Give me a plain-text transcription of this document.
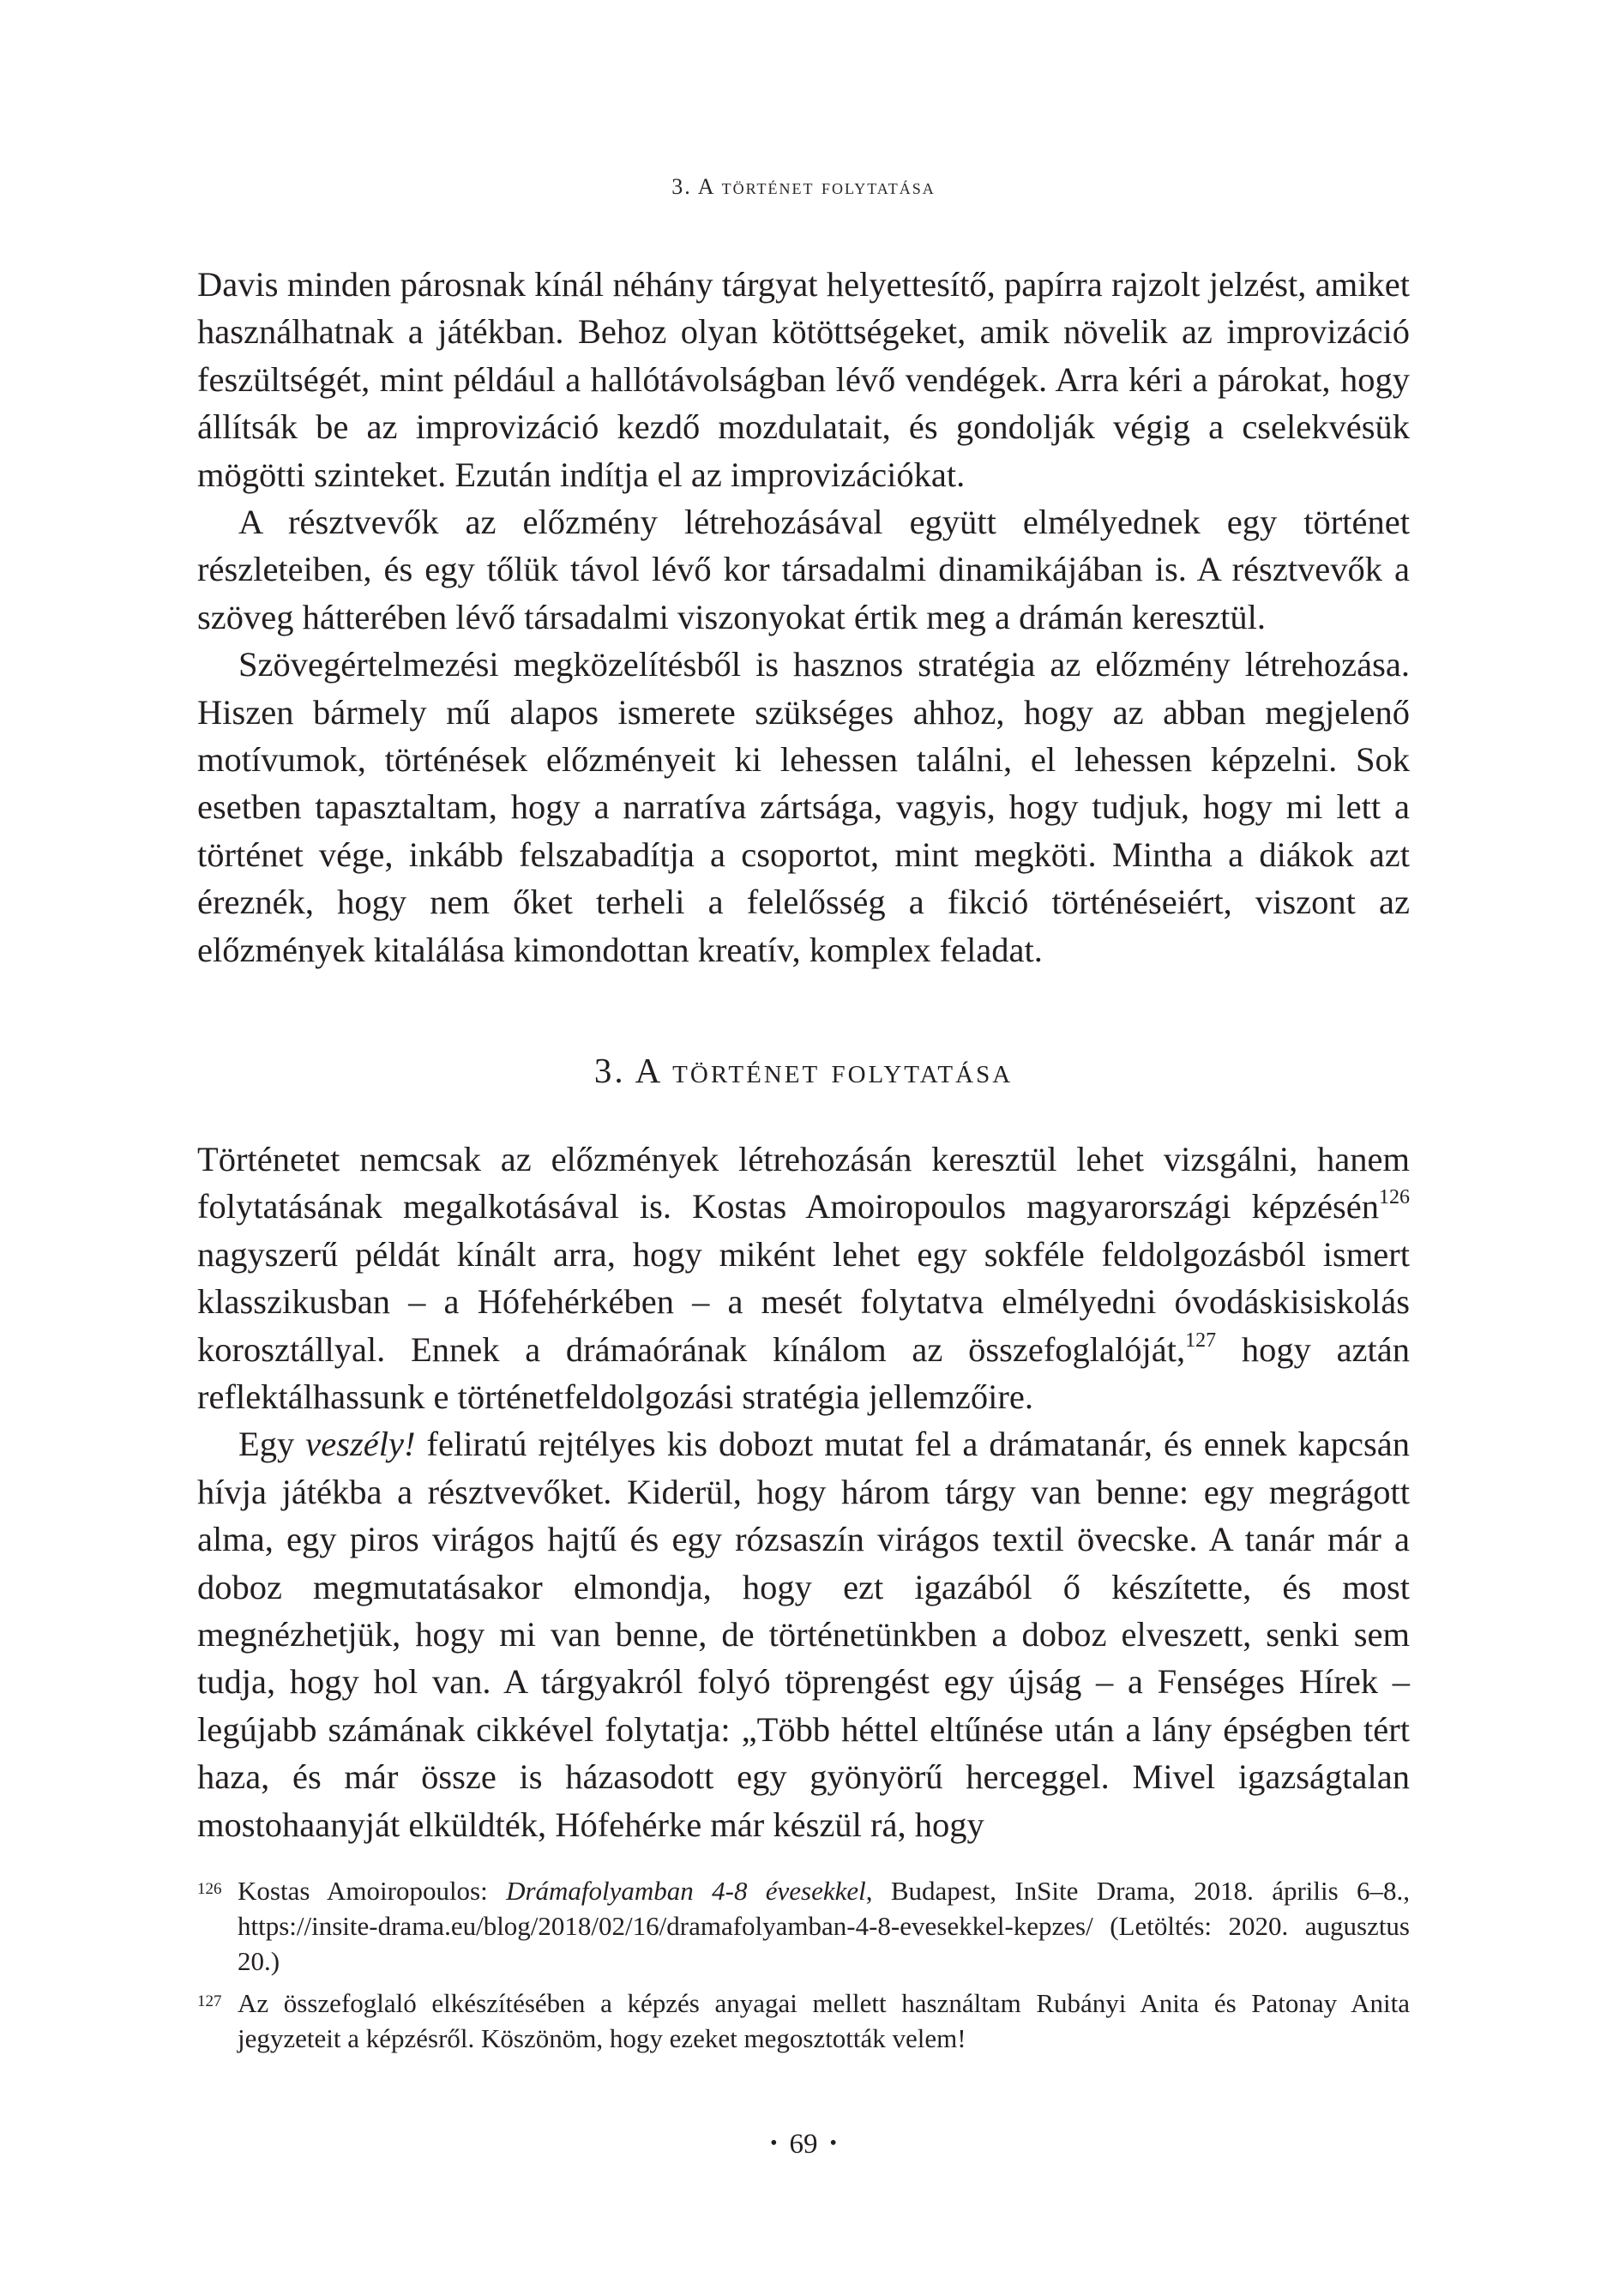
3. A történet folytatása

Davis minden párosnak kínál néhány tárgyat helyettesítő, papírra rajzolt jelzést, amiket használhatnak a játékban. Behoz olyan kötöttségeket, amik növelik az improvizáció feszültségét, mint például a hallótávolságban lévő vendégek. Arra kéri a párokat, hogy állítsák be az improvizáció kezdő mozdulatait, és gondolják végig a cselekvésük mögötti szinteket. Ezután indítja el az improvizációkat.

A résztvevők az előzmény létrehozásával együtt elmélyednek egy történet részleteiben, és egy tőlük távol lévő kor társadalmi dinamikájában is. A résztvevők a szöveg hátterében lévő társadalmi viszonyokat értik meg a drámán keresztül.

Szövegértelmezési megközelítésből is hasznos stratégia az előzmény létrehozása. Hiszen bármely mű alapos ismerete szükséges ahhoz, hogy az abban megjelenő motívumok, történések előzményeit ki lehessen találni, el lehessen képzelni. Sok esetben tapasztaltam, hogy a narratíva zártsága, vagyis, hogy tudjuk, hogy mi lett a történet vége, inkább felszabadítja a csoportot, mint megköti. Mintha a diákok azt éreznék, hogy nem őket terheli a felelősség a fikció történéseiért, viszont az előzmények kitalálása kimondottan kreatív, komplex feladat.

3. A történet folytatása

Történetet nemcsak az előzmények létrehozásán keresztül lehet vizsgálni, hanem folytatásának megalkotásával is. Kostas Amoiropoulos magyarországi képzésén$^{126}$ nagyszerű példát kínált arra, hogy miként lehet egy sokféle feldolgozásból ismert klasszikusban – a Hófehérkében – a mesét folytatva elmélyedni óvodáskisiskolás korosztállyal. Ennek a drámaórának kínálom az összefoglalóját,$^{127}$ hogy aztán reflektálhassunk e történetfeldolgozási stratégia jellemzőire.

Egy veszély! feliratú rejtélyes kis dobozt mutat fel a drámatanár, és ennek kapcsán hívja játékba a résztvevőket. Kiderül, hogy három tárgy van benne: egy megrágott alma, egy piros virágos hajtű és egy rózsaszín virágos textil övecske. A tanár már a doboz megmutatásakor elmondja, hogy ezt igazából ő készítette, és most megnézhetjük, hogy mi van benne, de történetünkben a doboz elveszett, senki sem tudja, hogy hol van. A tárgyakról folyó töprengést egy újság – a Fenséges Hírek – legújabb számának cikkével folytatja: „Több héttel eltűnése után a lány épségben tért haza, és már össze is házasodott egy gyönyörű herceggel. Mivel igazságtalan mostohaanyját elküldték, Hófehérke már készül rá, hogy

126 Kostas Amoiropoulos: Drámafolyamban 4-8 évesekkel, Budapest, InSite Drama, 2018. április 6–8., https://insite-drama.eu/blog/2018/02/16/dramafolyamban-4-8-evesekkel-kepzes/ (Letöltés: 2020. augusztus 20.)
127 Az összefoglaló elkészítésében a képzés anyagai mellett használtam Rubányi Anita és Patonay Anita jegyzeteit a képzésről. Köszönöm, hogy ezeket megosztották velem!
• 69 •
